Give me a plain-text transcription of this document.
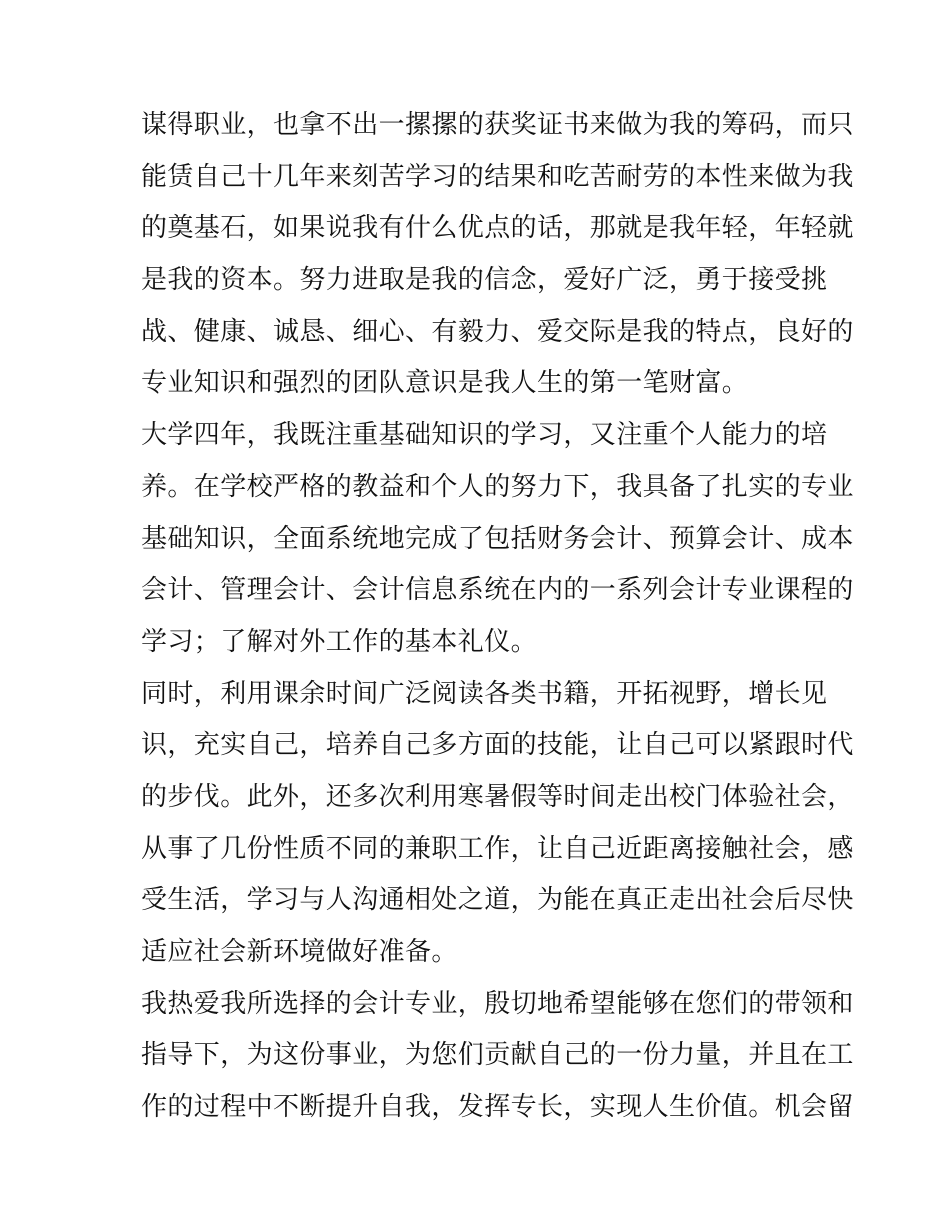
谋得职业，也拿不出一摞摞的获奖证书来做为我的筹码，而只
能赁自己十几年来刻苦学习的结果和吃苦耐劳的本性来做为我
的奠基石，如果说我有什么优点的话，那就是我年轻，年轻就
是我的资本。努力进取是我的信念，爱好广泛，勇于接受挑
战、健康、诚恳、细心、有毅力、爱交际是我的特点，良好的
专业知识和强烈的团队意识是我人生的第一笔财富。
大学四年，我既注重基础知识的学习，又注重个人能力的培
养。在学校严格的教益和个人的努力下，我具备了扎实的专业
基础知识，全面系统地完成了包括财务会计、预算会计、成本
会计、管理会计、会计信息系统在内的一系列会计专业课程的
学习；了解对外工作的基本礼仪。
同时，利用课余时间广泛阅读各类书籍，开拓视野，增长见
识，充实自己，培养自己多方面的技能，让自己可以紧跟时代
的步伐。此外，还多次利用寒暑假等时间走出校门体验社会，
从事了几份性质不同的兼职工作，让自己近距离接触社会，感
受生活，学习与人沟通相处之道，为能在真正走出社会后尽快
适应社会新环境做好准备。
我热爱我所选择的会计专业，殷切地希望能够在您们的带领和
指导下，为这份事业，为您们贡献自己的一份力量，并且在工
作的过程中不断提升自我，发挥专长，实现人生价值。机会留
